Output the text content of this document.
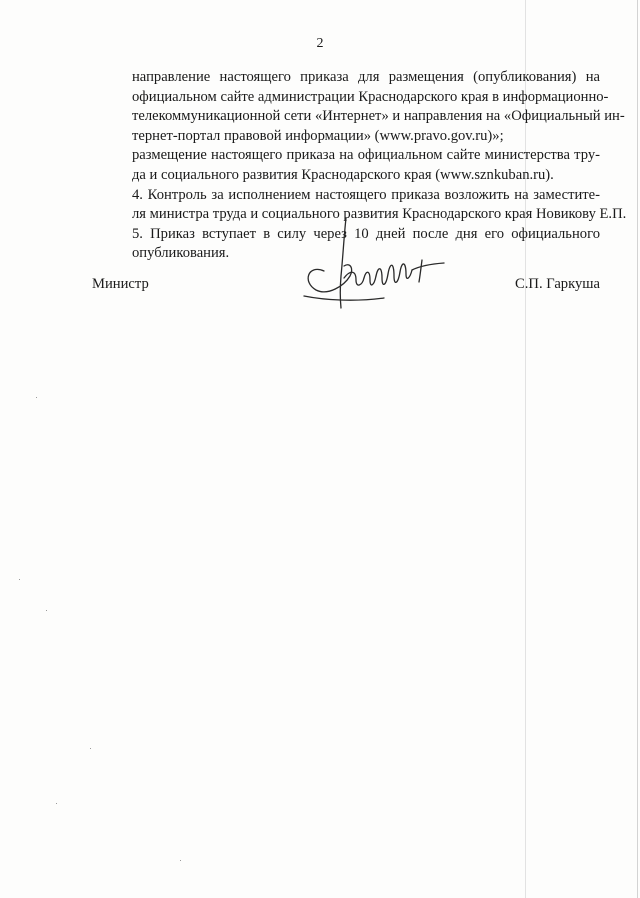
2

направление настоящего приказа для размещения (опубликования) на
официальном сайте администрации Краснодарского края в информационно-
телекоммуникационной сети «Интернет» и направления на «Официальный ин-
тернет-портал правовой информации» (www.pravo.gov.ru)»;

размещение настоящего приказа на официальном сайте министерства тру-
да и социального развития Краснодарского края (www.sznkuban.ru).

4. Контроль за исполнением настоящего приказа возложить на заместите-
ля министра труда и социального развития Краснодарского края Новикову Е.П.

5. Приказ вступает в силу через 10 дней после дня его официального
опубликования.

Министр	С.П. Гаркуша
